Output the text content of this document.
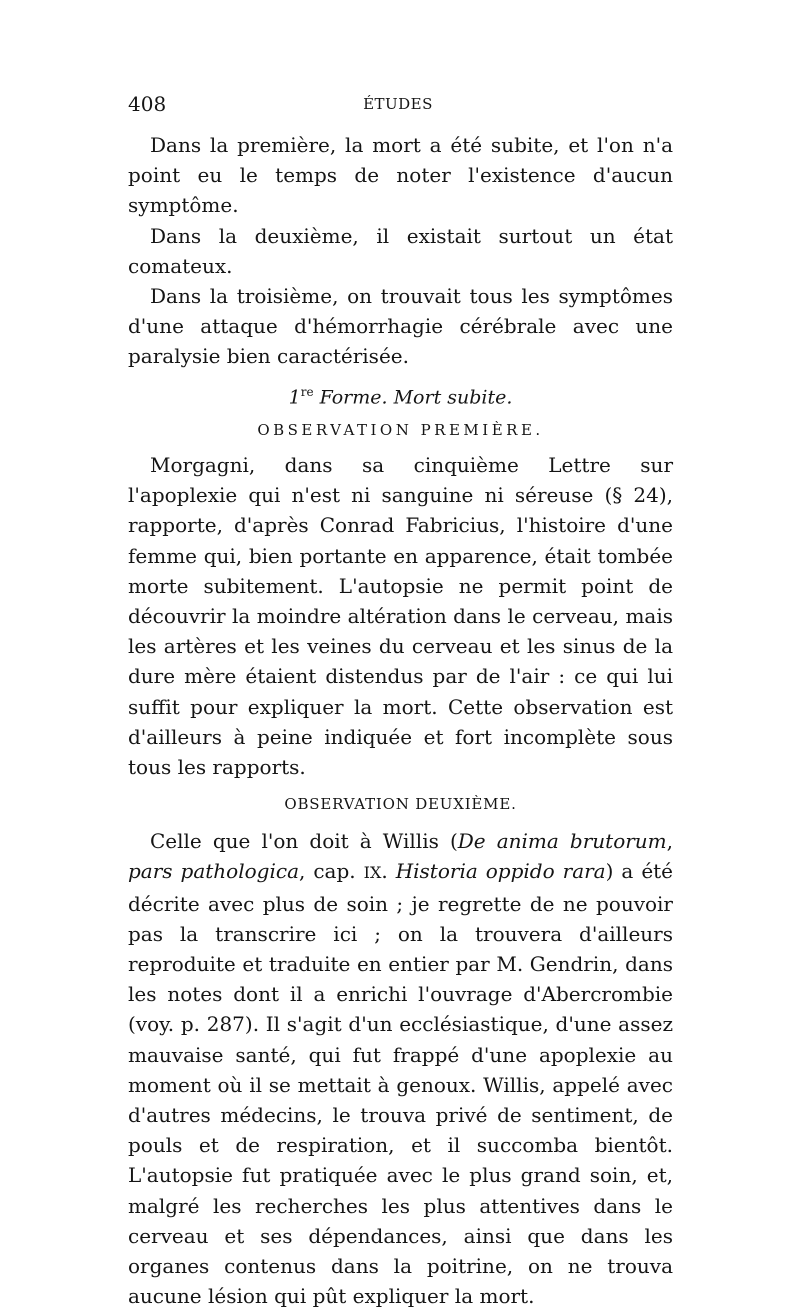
408	ÉTUDES

Dans la première, la mort a été subite, et l'on n'a point eu le temps de noter l'existence d'aucun symptôme.

Dans la deuxième, il existait surtout un état comateux.

Dans la troisième, on trouvait tous les symptômes d'une attaque d'hémorrhagie cérébrale avec une paralysie bien caractérisée.

1re Forme. Mort subite.
OBSERVATION PREMIÈRE.

Morgagni, dans sa cinquième Lettre sur l'apoplexie qui n'est ni sanguine ni séreuse (§ 24), rapporte, d'après Conrad Fabricius, l'histoire d'une femme qui, bien portante en apparence, était tombée morte subitement. L'autopsie ne permit point de découvrir la moindre altération dans le cerveau, mais les artères et les veines du cerveau et les sinus de la dure mère étaient distendus par de l'air : ce qui lui suffit pour expliquer la mort. Cette observation est d'ailleurs à peine indiquée et fort incomplète sous tous les rapports.

OBSERVATION DEUXIÈME.

Celle que l'on doit à Willis (De anima brutorum, pars pathologica, cap. IX. Historia oppido rara) a été décrite avec plus de soin ; je regrette de ne pouvoir pas la transcrire ici ; on la trouvera d'ailleurs reproduite et traduite en entier par M. Gendrin, dans les notes dont il a enrichi l'ouvrage d'Abercrombie (voy. p. 287). Il s'agit d'un ecclésiastique, d'une assez mauvaise santé, qui fut frappé d'une apoplexie au moment où il se mettait à genoux. Willis, appelé avec d'autres médecins, le trouva privé de sentiment, de pouls et de respiration, et il succomba bientôt. L'autopsie fut pratiquée avec le plus grand soin, et, malgré les recherches les plus attentives dans le cerveau et ses dépendances, ainsi que dans les organes contenus dans la poitrine, on ne trouva aucune lésion qui pût expliquer la mort.
